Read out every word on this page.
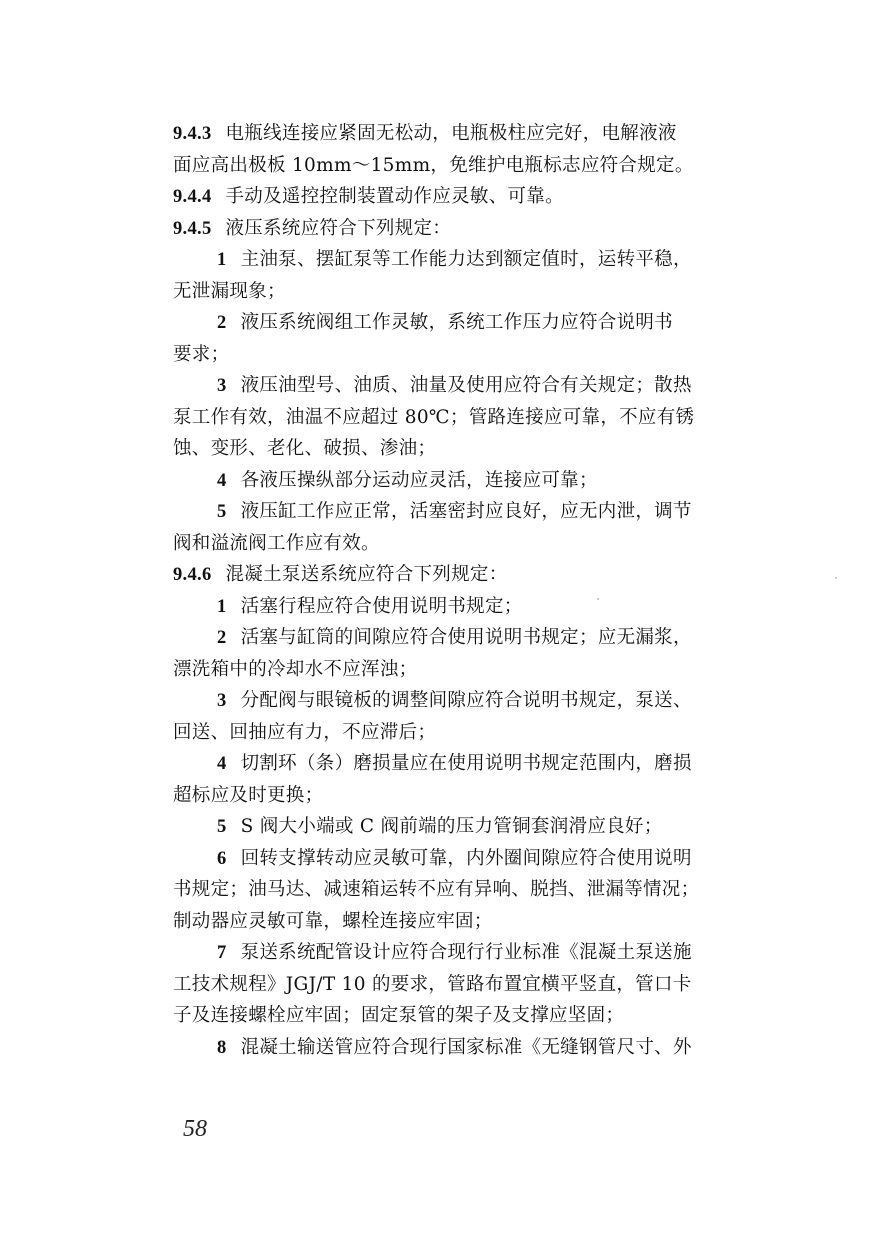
9.4.3 电瓶线连接应紧固无松动，电瓶极柱应完好，电解液液
面应高出极板 10mm～15mm，免维护电瓶标志应符合规定。
9.4.4 手动及遥控控制装置动作应灵敏、可靠。
9.4.5 液压系统应符合下列规定：
1 主油泵、摆缸泵等工作能力达到额定值时，运转平稳，
无泄漏现象；
2 液压系统阀组工作灵敏，系统工作压力应符合说明书
要求；
3 液压油型号、油质、油量及使用应符合有关规定；散热
泵工作有效，油温不应超过 80℃；管路连接应可靠，不应有锈
蚀、变形、老化、破损、渗油；
4 各液压操纵部分运动应灵活，连接应可靠；
5 液压缸工作应正常，活塞密封应良好，应无内泄，调节
阀和溢流阀工作应有效。
9.4.6 混凝土泵送系统应符合下列规定：
1 活塞行程应符合使用说明书规定；
2 活塞与缸筒的间隙应符合使用说明书规定；应无漏浆，
漂洗箱中的冷却水不应浑浊；
3 分配阀与眼镜板的调整间隙应符合说明书规定，泵送、
回送、回抽应有力，不应滞后；
4 切割环（条）磨损量应在使用说明书规定范围内，磨损
超标应及时更换；
5 S 阀大小端或 C 阀前端的压力管铜套润滑应良好；
6 回转支撑转动应灵敏可靠，内外圈间隙应符合使用说明
书规定；油马达、减速箱运转不应有异响、脱挡、泄漏等情况；
制动器应灵敏可靠，螺栓连接应牢固；
7 泵送系统配管设计应符合现行行业标准《混凝土泵送施
工技术规程》JGJ/T 10 的要求，管路布置宜横平竖直，管口卡
子及连接螺栓应牢固；固定泵管的架子及支撑应坚固；
8 混凝土输送管应符合现行国家标准《无缝钢管尺寸、外
58
